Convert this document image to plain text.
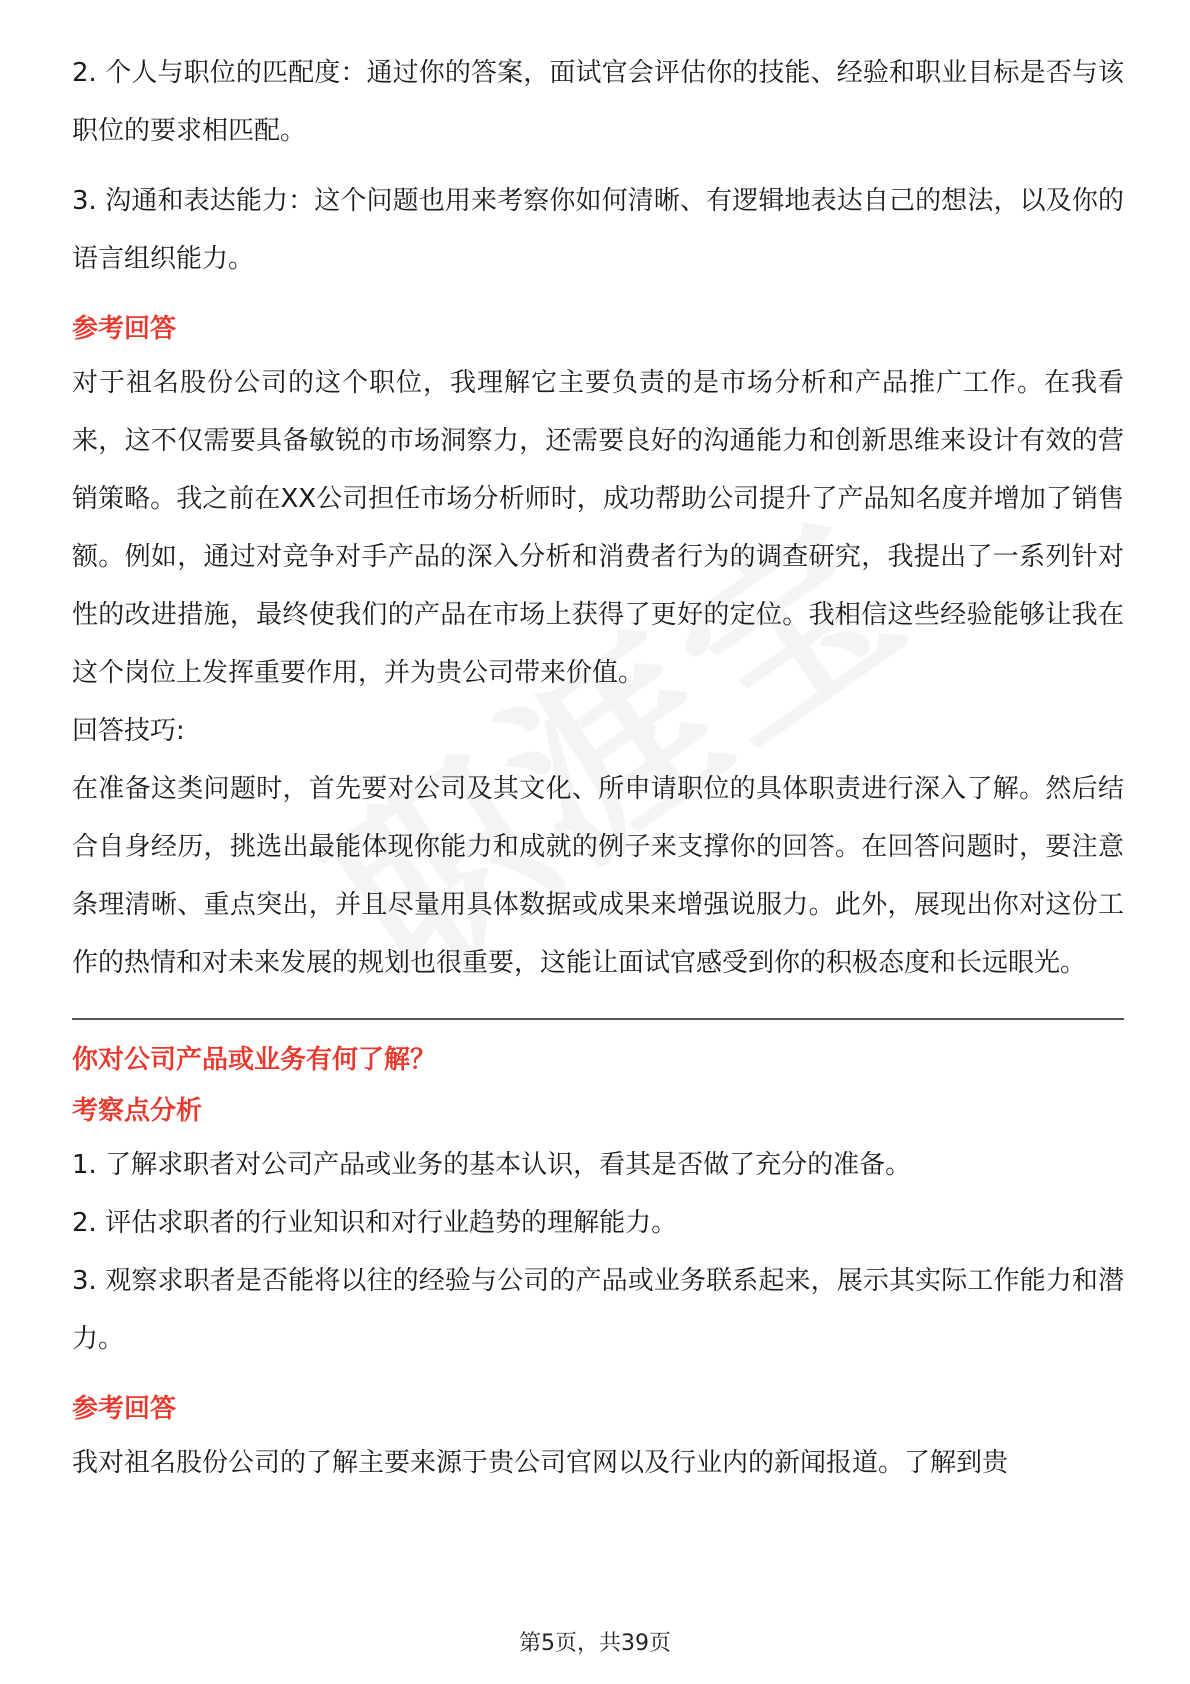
2. 个人与职位的匹配度：通过你的答案，面试官会评估你的技能、经验和职业目标是否与该职位的要求相匹配。

3. 沟通和表达能力：这个问题也用来考察你如何清晰、有逻辑地表达自己的想法，以及你的语言组织能力。

参考回答

对于祖名股份公司的这个职位，我理解它主要负责的是市场分析和产品推广工作。在我看来，这不仅需要具备敏锐的市场洞察力，还需要良好的沟通能力和创新思维来设计有效的营销策略。我之前在XX公司担任市场分析师时，成功帮助公司提升了产品知名度并增加了销售额。例如，通过对竞争对手产品的深入分析和消费者行为的调查研究，我提出了一系列针对性的改进措施，最终使我们的产品在市场上获得了更好的定位。我相信这些经验能够让我在这个岗位上发挥重要作用，并为贵公司带来价值。

回答技巧:

在准备这类问题时，首先要对公司及其文化、所申请职位的具体职责进行深入了解。然后结合自身经历，挑选出最能体现你能力和成就的例子来支撑你的回答。在回答问题时，要注意条理清晰、重点突出，并且尽量用具体数据或成果来增强说服力。此外，展现出你对这份工作的热情和对未来发展的规划也很重要，这能让面试官感受到你的积极态度和长远眼光。

你对公司产品或业务有何了解？
考察点分析

1. 了解求职者对公司产品或业务的基本认识，看其是否做了充分的准备。

2. 评估求职者的行业知识和对行业趋势的理解能力。

3. 观察求职者是否能将以往的经验与公司的产品或业务联系起来，展示其实际工作能力和潜力。

参考回答

我对祖名股份公司的了解主要来源于贵公司官网以及行业内的新闻报道。了解到贵

第5页，共39页
